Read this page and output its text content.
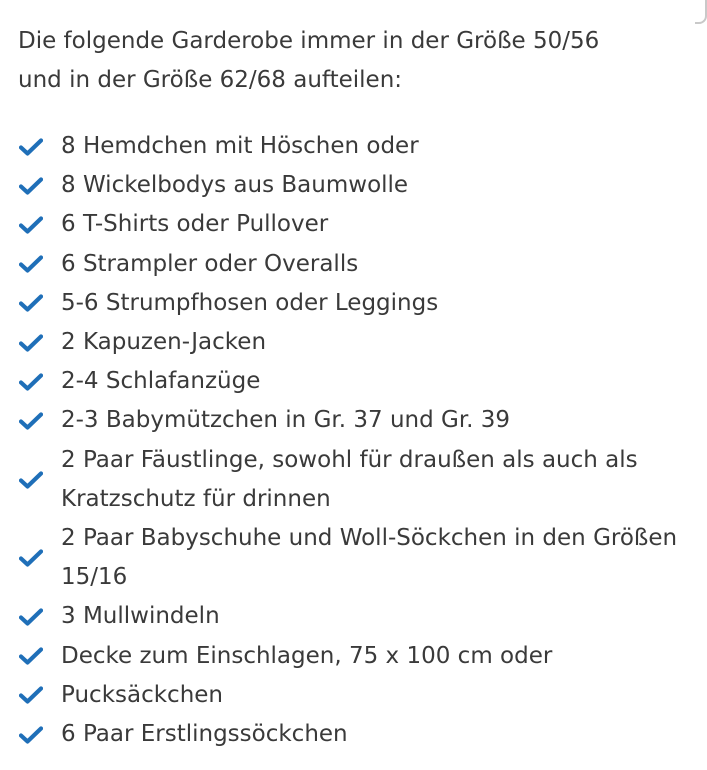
Die folgende Garderobe immer in der Größe 50/56
und in der Größe 62/68 aufteilen:

8 Hemdchen mit Höschen oder
8 Wickelbodys aus Baumwolle
6 T-Shirts oder Pullover
6 Strampler oder Overalls
5-6 Strumpfhosen oder Leggings
2 Kapuzen-Jacken
2-4 Schlafanzüge
2-3 Babymützchen in Gr. 37 und Gr. 39
2 Paar Fäustlinge, sowohl für draußen als auch als Kratzschutz für drinnen
2 Paar Babyschuhe und Woll-Söckchen in den Größen 15/16
3 Mullwindeln
Decke zum Einschlagen, 75 x 100 cm oder
Pucksäckchen
6 Paar Erstlingssöckchen
